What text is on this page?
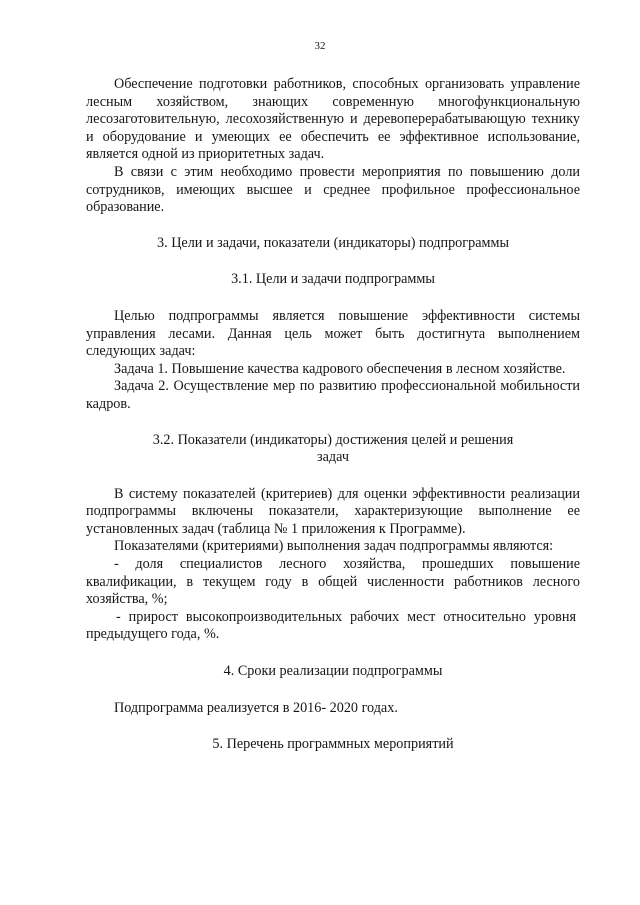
32

Обеспечение подготовки работников, способных организовать управление лесным хозяйством, знающих современную многофункциональную лесозаготовительную, лесохозяйственную и деревоперерабатывающую технику и оборудование и умеющих ее обеспечить ее эффективное использование, является одной из приоритетных задач.

В связи с этим необходимо провести мероприятия по повышению доли сотрудников, имеющих высшее и среднее профильное профессиональное образование.

3. Цели и задачи, показатели (индикаторы) подпрограммы

3.1. Цели и задачи подпрограммы

Целью подпрограммы является повышение эффективности системы управления лесами. Данная цель может быть достигнута выполнением следующих задач:

Задача 1. Повышение качества кадрового обеспечения в лесном хозяйстве.

Задача 2. Осуществление мер по развитию профессиональной мобильности кадров.

3.2. Показатели (индикаторы) достижения целей и решения
задач

В систему показателей (критериев) для оценки эффективности реализации подпрограммы включены показатели, характеризующие выполнение ее установленных задач (таблица № 1 приложения к Программе).

Показателями (критериями) выполнения задач подпрограммы являются:

- доля специалистов лесного хозяйства, прошедших повышение квалификации, в текущем году в общей численности работников лесного хозяйства, %;

- прирост высокопроизводительных рабочих мест относительно уровня предыдущего года, %.

4. Сроки реализации подпрограммы

Подпрограмма реализуется в 2016- 2020 годах.

5. Перечень программных мероприятий
